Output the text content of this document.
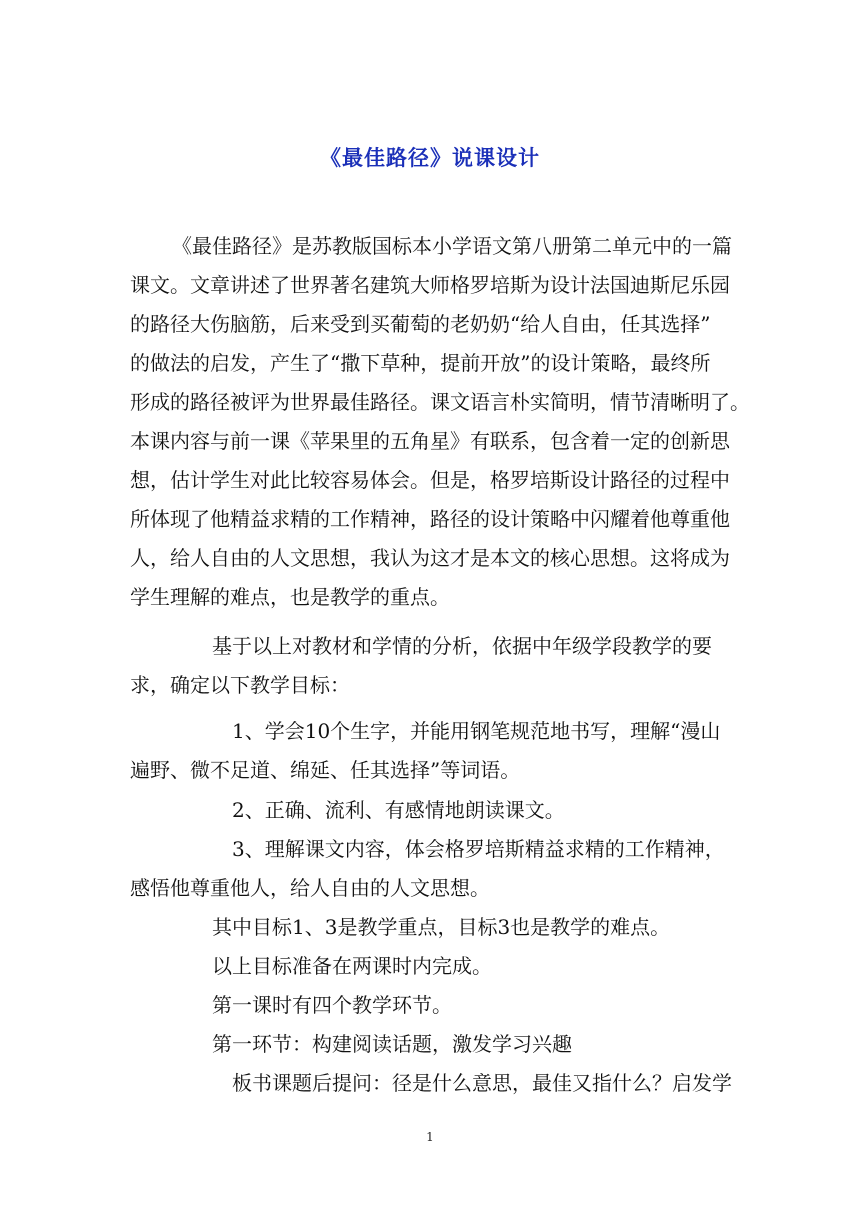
《最佳路径》说课设计
《最佳路径》是苏教版国标本小学语文第八册第二单元中的一篇
课文。文章讲述了世界著名建筑大师格罗培斯为设计法国迪斯尼乐园
的路径大伤脑筋，后来受到买葡萄的老奶奶“给人自由，任其选择”
的做法的启发，产生了“撒下草种，提前开放”的设计策略，最终所
形成的路径被评为世界最佳路径。课文语言朴实简明，情节清晰明了。
本课内容与前一课《苹果里的五角星》有联系，包含着一定的创新思
想，估计学生对此比较容易体会。但是，格罗培斯设计路径的过程中
所体现了他精益求精的工作精神，路径的设计策略中闪耀着他尊重他
人，给人自由的人文思想，我认为这才是本文的核心思想。这将成为
学生理解的难点，也是教学的重点。
基于以上对教材和学情的分析，依据中年级学段教学的要
求，确定以下教学目标：
1、学会10个生字，并能用钢笔规范地书写，理解“漫山
遍野、微不足道、绵延、任其选择”等词语。
2、正确、流利、有感情地朗读课文。
3、理解课文内容，体会格罗培斯精益求精的工作精神，
感悟他尊重他人，给人自由的人文思想。
其中目标1、3是教学重点，目标3也是教学的难点。
以上目标准备在两课时内完成。
第一课时有四个教学环节。
第一环节：构建阅读话题，激发学习兴趣
板书课题后提问：径是什么意思，最佳又指什么？启发学
1
